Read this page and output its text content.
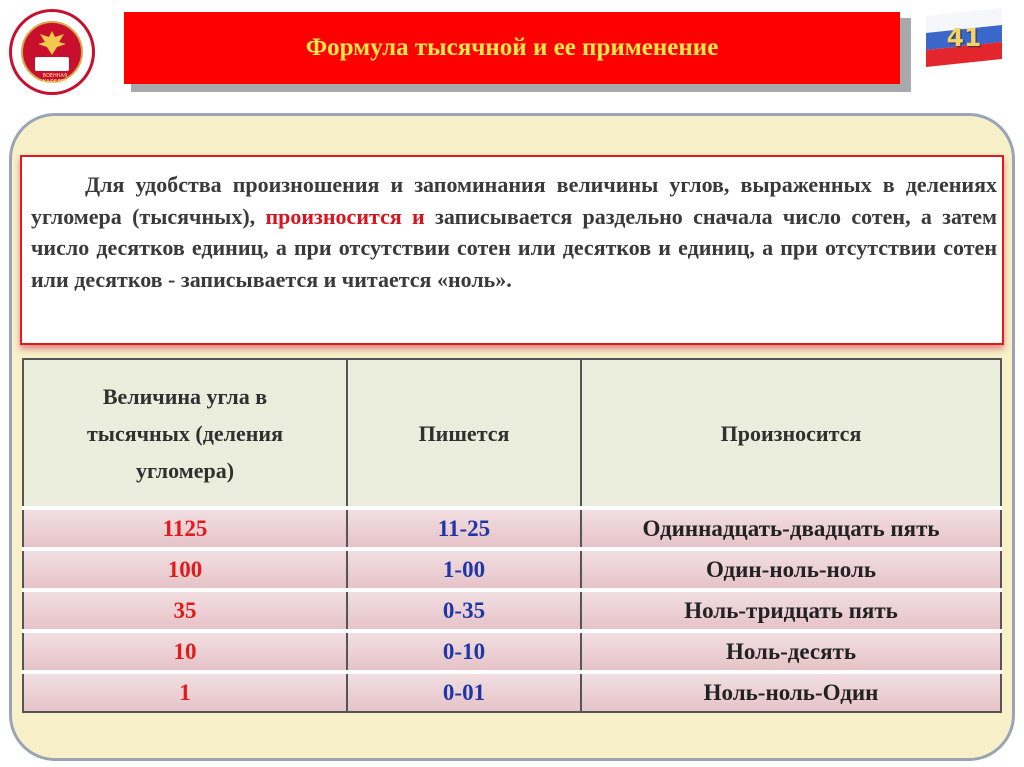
ВОЕННАЯ КАФЕДРА
Формула тысячной и ее применение	41
Для удобства произношения и запоминания величины углов, выраженных в делениях угломера (тысячных), произносится и записывается раздельно сначала число сотен, а затем число десятков единиц, а при отсутствии сотен или десятков и единиц, а при отсутствии сотен или десятков - записывается и читается «ноль».
Величина угла в
тысячных (деления
угломера)	Пишется	Произносится
1125	11-25	Одиннадцать-двадцать пять
100	1-00	Один-ноль-ноль
35	0-35	Ноль-тридцать пять
10	0-10	Ноль-десять
1	0-01	Ноль-ноль-Один
